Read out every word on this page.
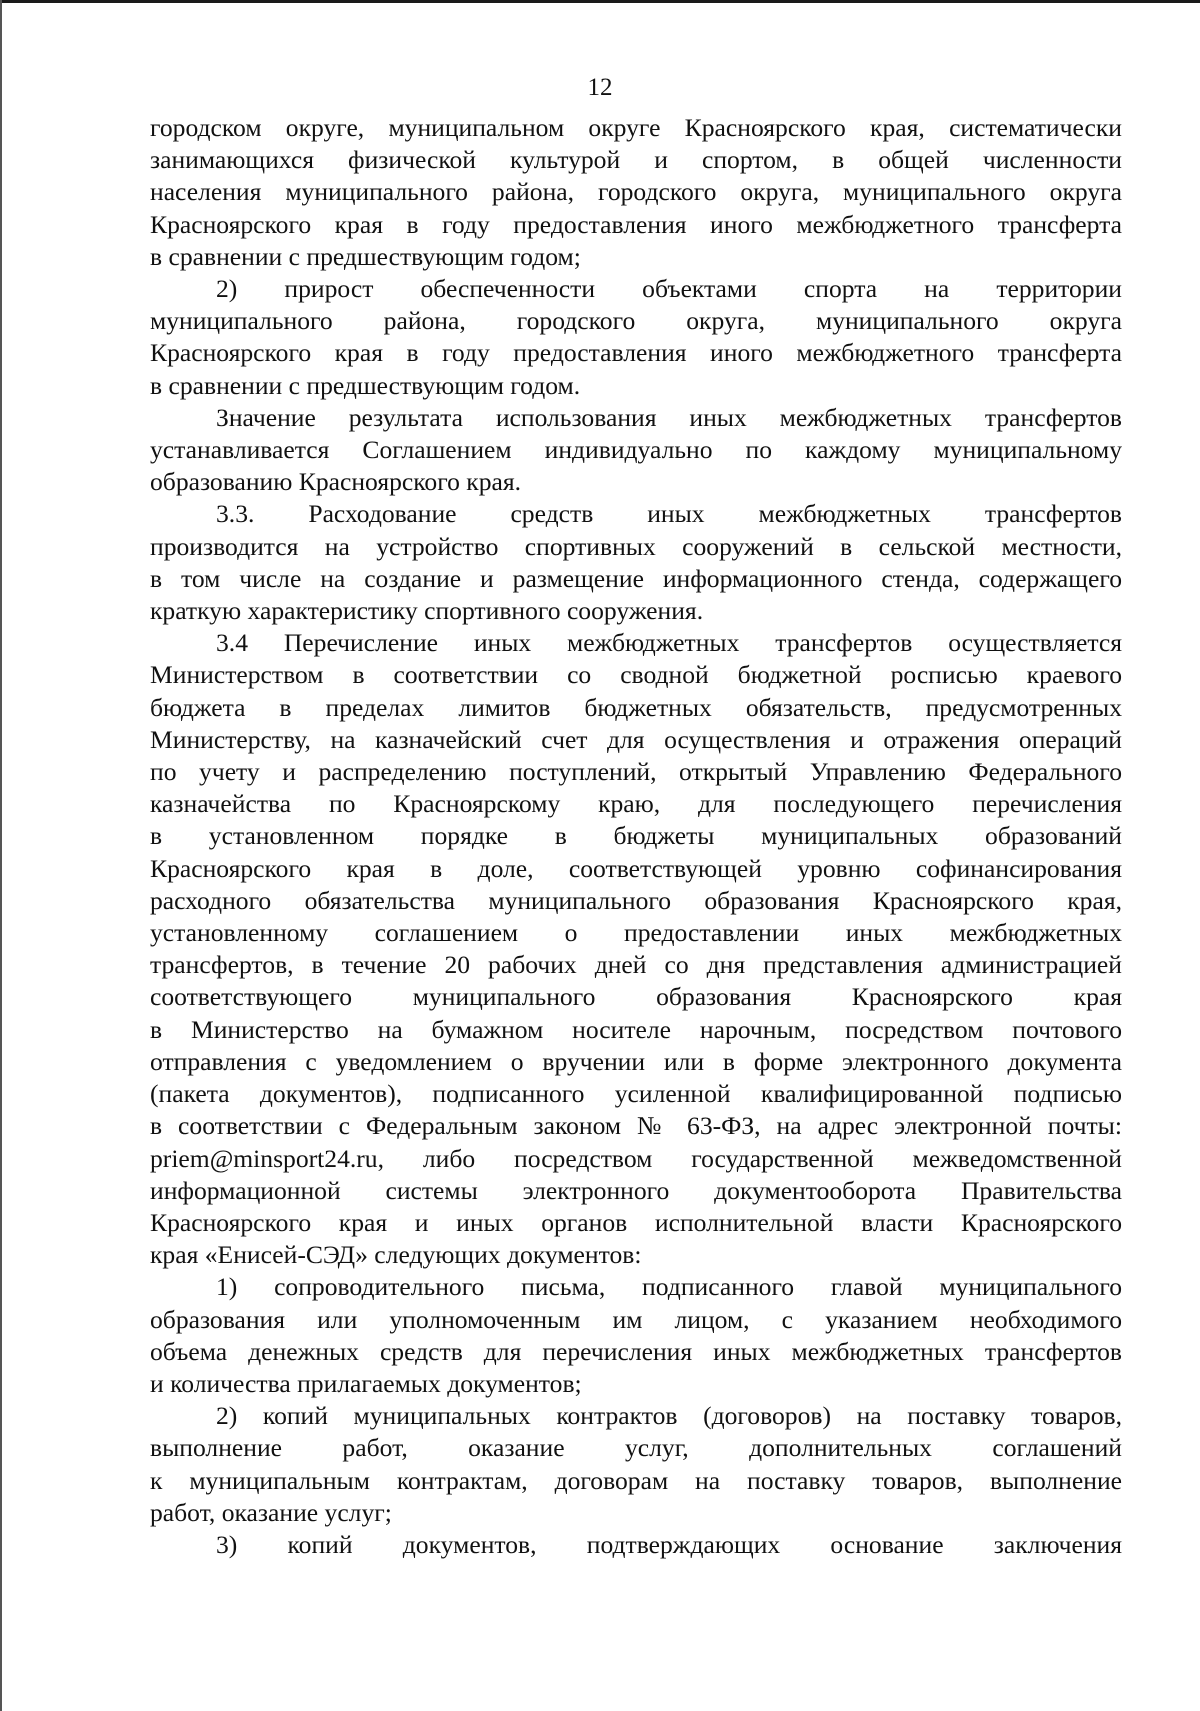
12
городском округе, муниципальном округе Красноярского края, систематически
занимающихся физической культурой и спортом, в общей численности
населения муниципального района, городского округа, муниципального округа
Красноярского края в году предоставления иного межбюджетного трансферта
в сравнении с предшествующим годом;
2) прирост обеспеченности объектами спорта на территории
муниципального района, городского округа, муниципального округа
Красноярского края в году предоставления иного межбюджетного трансферта
в сравнении с предшествующим годом.
Значение результата использования иных межбюджетных трансфертов
устанавливается Соглашением индивидуально по каждому муниципальному
образованию Красноярского края.
3.3. Расходование средств иных межбюджетных трансфертов
производится на устройство спортивных сооружений в сельской местности,
в том числе на создание и размещение информационного стенда, содержащего
краткую характеристику спортивного сооружения.
3.4 Перечисление иных межбюджетных трансфертов осуществляется
Министерством в соответствии со сводной бюджетной росписью краевого
бюджета в пределах лимитов бюджетных обязательств, предусмотренных
Министерству, на казначейский счет для осуществления и отражения операций
по учету и распределению поступлений, открытый Управлению Федерального
казначейства по Красноярскому краю, для последующего перечисления
в установленном порядке в бюджеты муниципальных образований
Красноярского края в доле, соответствующей уровню софинансирования
расходного обязательства муниципального образования Красноярского края,
установленному соглашением о предоставлении иных межбюджетных
трансфертов, в течение 20 рабочих дней со дня представления администрацией
соответствующего муниципального образования Красноярского края
в Министерство на бумажном носителе нарочным, посредством почтового
отправления с уведомлением о вручении или в форме электронного документа
(пакета документов), подписанного усиленной квалифицированной подписью
в соответствии с Федеральным законом № 63-ФЗ, на адрес электронной почты:
priem@minsport24.ru, либо посредством государственной межведомственной
информационной системы электронного документооборота Правительства
Красноярского края и иных органов исполнительной власти Красноярского
края «Енисей-СЭД» следующих документов:
1) сопроводительного письма, подписанного главой муниципального
образования или уполномоченным им лицом, с указанием необходимого
объема денежных средств для перечисления иных межбюджетных трансфертов
и количества прилагаемых документов;
2) копий муниципальных контрактов (договоров) на поставку товаров,
выполнение работ, оказание услуг, дополнительных соглашений
к муниципальным контрактам, договорам на поставку товаров, выполнение
работ, оказание услуг;
3) копий документов, подтверждающих основание заключения
